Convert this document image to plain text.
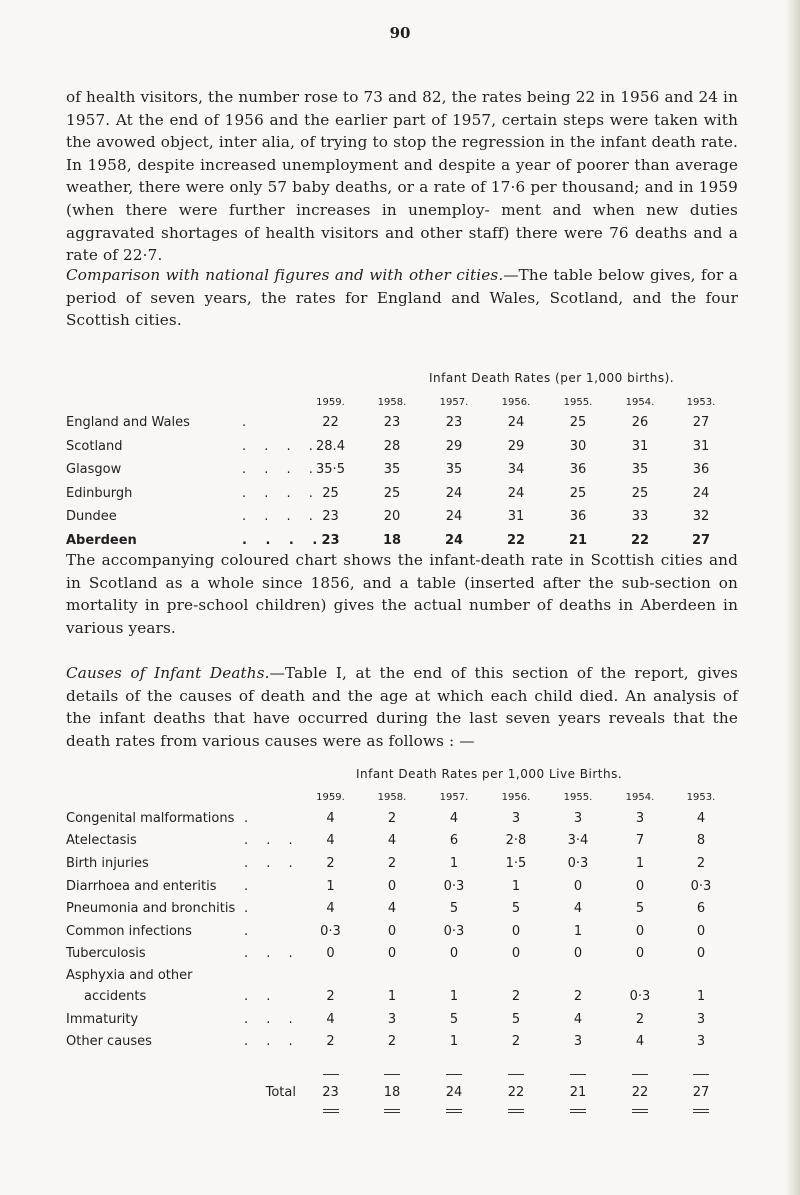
90

of health visitors, the number rose to 73 and 82, the rates being 22 in 1956 and 24 in 1957. At the end of 1956 and the earlier part of 1957, certain steps were taken with the avowed object, inter alia, of trying to stop the regression in the infant death rate. In 1958, despite increased unemployment and despite a year of poorer than average weather, there were only 57 baby deaths, or a rate of 17·6 per thousand; and in 1959 (when there were further increases in unemploy- ment and when new duties aggravated shortages of health visitors and other staff) there were 76 deaths and a rate of 22·7.

Comparison with national figures and with other cities.—The table below gives, for a period of seven years, the rates for England and Wales, Scotland, and the four Scottish cities.

Infant Death Rates (per 1,000 births).
	1959.	1958.	1957.	1956.	1955.	1954.	1953.
England and Wales .	22	23	23	24	25	26	27
Scotland . . . .	28.4	28	29	29	30	31	31
Glasgow . . . .	35·5	35	35	34	36	35	36
Edinburgh . . . .	25	25	24	24	25	25	24
Dundee . . . .	23	20	24	31	36	33	32
Aberdeen . . . .	23	18	24	22	21	22	27

The accompanying coloured chart shows the infant-death rate in Scottish cities and in Scotland as a whole since 1856, and a table (inserted after the sub-section on mortality in pre-school children) gives the actual number of deaths in Aberdeen in various years.

Causes of Infant Deaths.—Table I, at the end of this section of the report, gives details of the causes of death and the age at which each child died. An analysis of the infant deaths that have occurred during the last seven years reveals that the death rates from various causes were as follows : —

Infant Death Rates per 1,000 Live Births.
	1959.	1958.	1957.	1956.	1955.	1954.	1953.
Congenital malformations .	4	2	4	3	3	3	4
Atelectasis . . .	4	4	6	2·8	3·4	7	8
Birth injuries . . .	2	2	1	1·5	0·3	1	2
Diarrhoea and enteritis .	1	0	0·3	1	0	0	0·3
Pneumonia and bronchitis .	4	4	5	5	4	5	6
Common infections .	0·3	0	0·3	0	1	0	0
Tuberculosis . . .	0	0	0	0	0	0	0
Asphyxia and other							
accidents . .	2	1	1	2	2	0·3	1
Immaturity . . .	4	3	5	5	4	2	3
Other causes . . .	2	2	1	2	3	4	3

Total	23	18	24	22	21	22	27
